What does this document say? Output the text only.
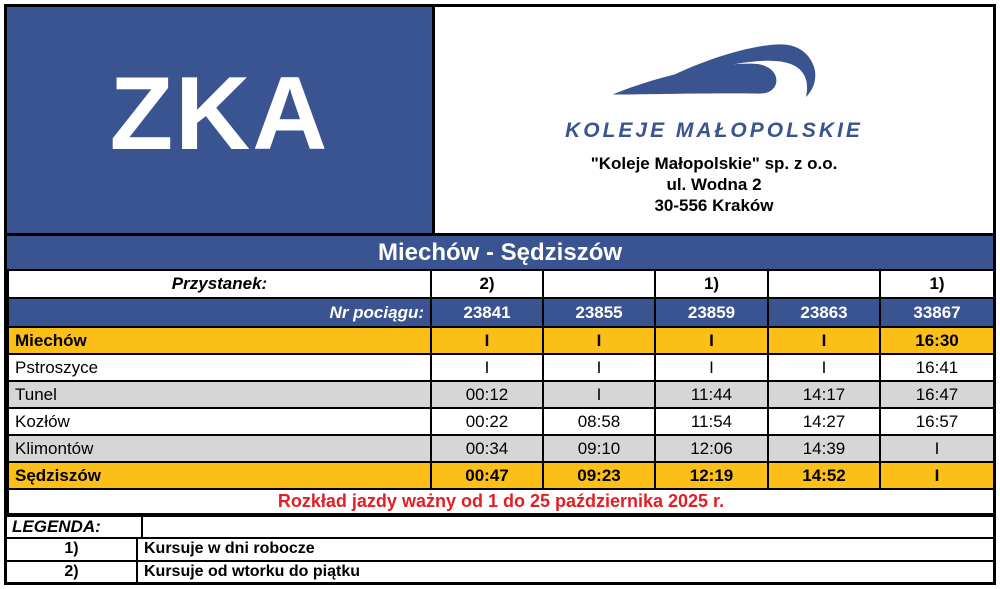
ZKA	KOLEJE MAŁOPOLSKIE
"Koleje Małopolskie" sp. z o.o.
ul. Wodna 2
30-556 Kraków
Miechów - Sędziszów
Przystanek:	2)		1)		1)
Nr pociągu:	23841	23855	23859	23863	33867
Miechów	I	I	I	I	16:30
Pstroszyce	I	I	I	I	16:41
Tunel	00:12	I	11:44	14:17	16:47
Kozłów	00:22	08:58	11:54	14:27	16:57
Klimontów	00:34	09:10	12:06	14:39	I
Sędziszów	00:47	09:23	12:19	14:52	I
Rozkład jazdy ważny od 1 do 25 października 2025 r.					
LEGENDA:
1)	Kursuje w dni robocze
2)	Kursuje od wtorku do piątku
